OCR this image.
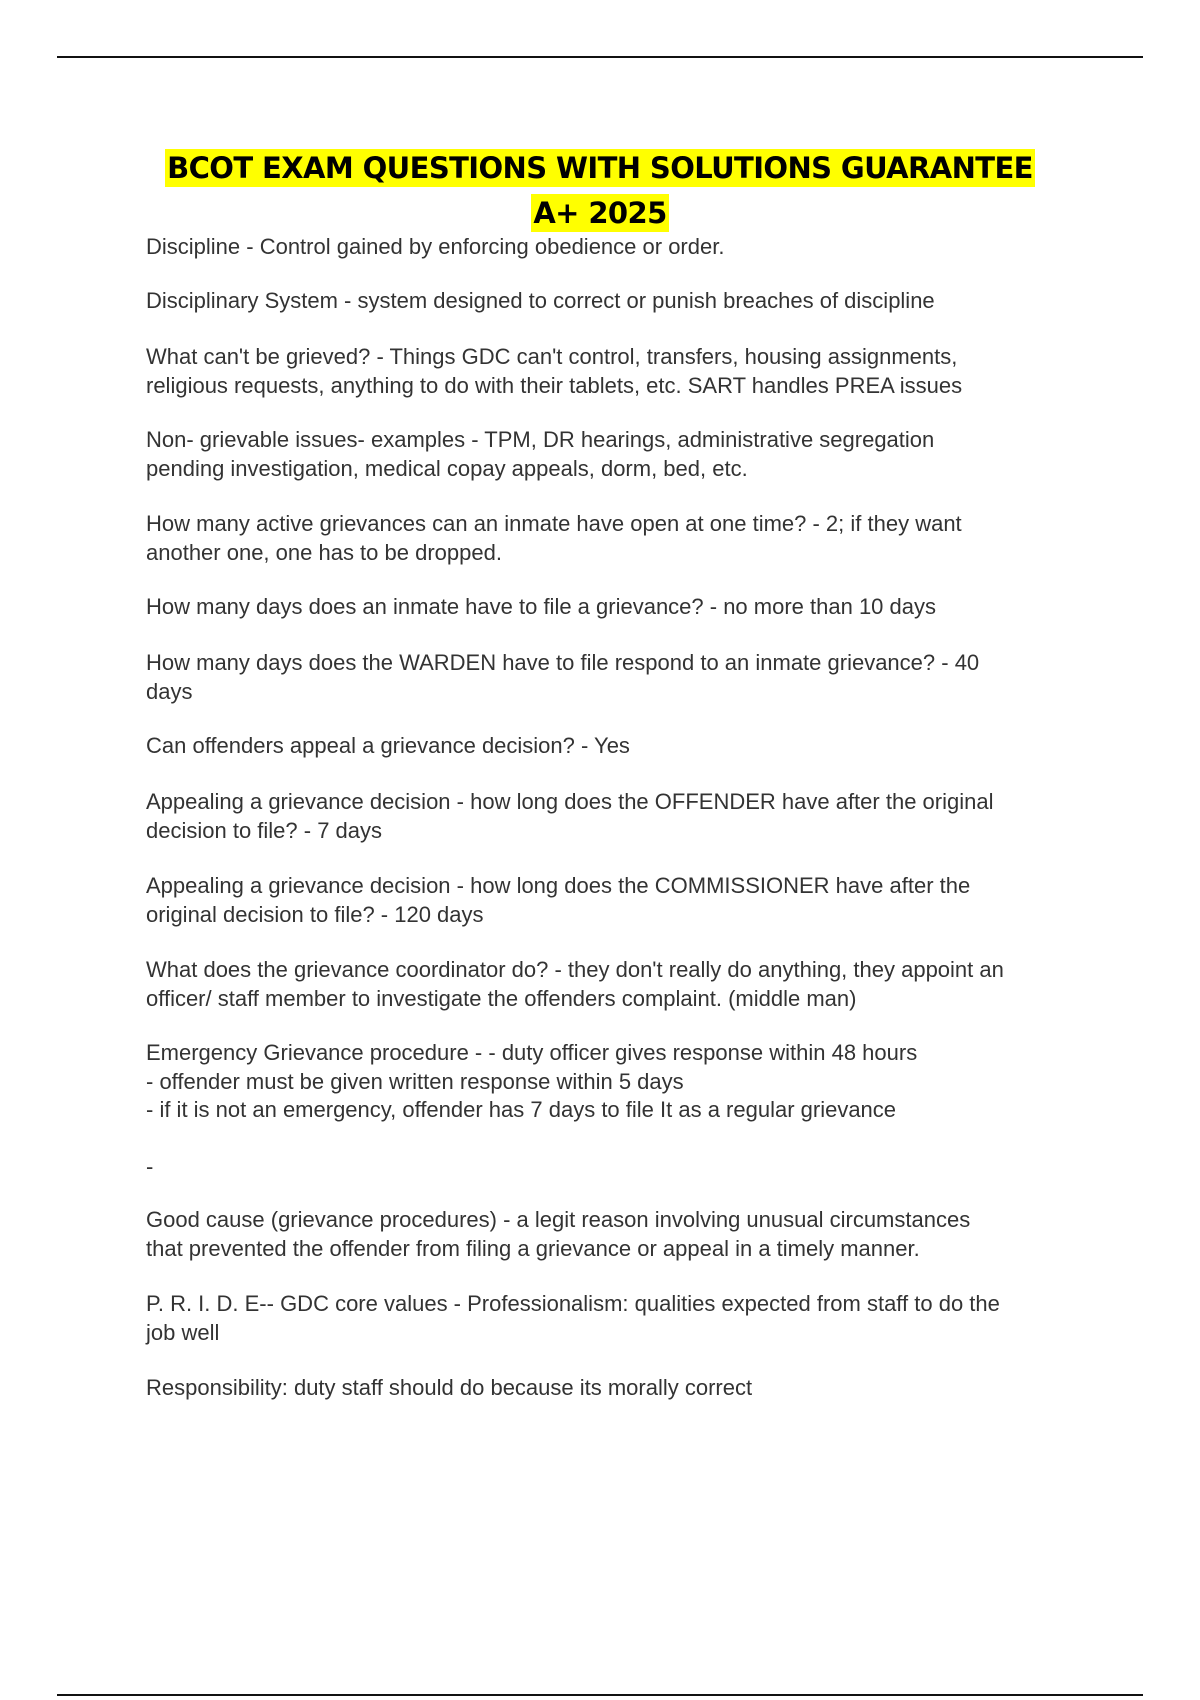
BCOT EXAM QUESTIONS WITH SOLUTIONS GUARANTEE
A+ 2025
Discipline - Control gained by enforcing obedience or order.
Disciplinary System - system designed to correct or punish breaches of discipline
What can't be grieved? - Things GDC can't control, transfers, housing assignments,
religious requests, anything to do with their tablets, etc. SART handles PREA issues
Non- grievable issues- examples - TPM, DR hearings, administrative segregation
pending investigation, medical copay appeals, dorm, bed, etc.
How many active grievances can an inmate have open at one time? - 2; if they want
another one, one has to be dropped.
How many days does an inmate have to file a grievance? - no more than 10 days
How many days does the WARDEN have to file respond to an inmate grievance? - 40
days
Can offenders appeal a grievance decision? - Yes
Appealing a grievance decision - how long does the OFFENDER have after the original
decision to file? - 7 days
Appealing a grievance decision - how long does the COMMISSIONER have after the
original decision to file? - 120 days
What does the grievance coordinator do? - they don't really do anything, they appoint an
officer/ staff member to investigate the offenders complaint. (middle man)
Emergency Grievance procedure - - duty officer gives response within 48 hours
- offender must be given written response within 5 days
- if it is not an emergency, offender has 7 days to file It as a regular grievance
-
Good cause (grievance procedures) - a legit reason involving unusual circumstances
that prevented the offender from filing a grievance or appeal in a timely manner.
P. R. I. D. E-- GDC core values - Professionalism: qualities expected from staff to do the
job well
Responsibility: duty staff should do because its morally correct
